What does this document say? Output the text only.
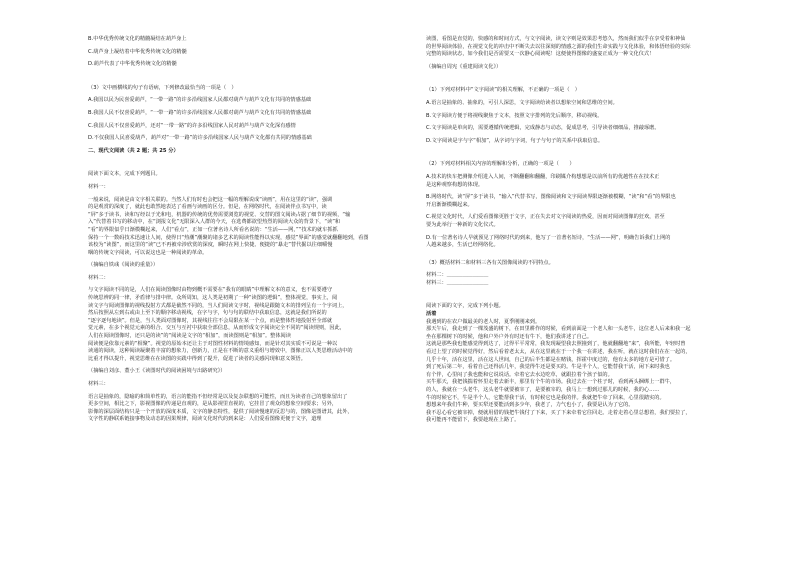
B.中华优秀传统文化的精髓凝结在葫芦身上

C.葫芦身上凝结着中华优秀传统文化的精髓

D.葫芦代表了中华优秀传统文化的精髓

（3）文中画横线的句子有语病，下列修改最恰当的一项是（　）

A.我国以民为民喜爱葫芦，“一带一路”的许多沿线国家人民都对葫芦与葫芦文化有共同的情感基础

B.我国人民不仅喜爱葫芦，“一带一路”的许多沿线国家人民都对葫芦与葫芦文化有共同的情感基础

C.我国人民不仅喜爱葫芦，还对“一带一路”的许多沿线国家人民对葫芦与葫芦文化深有感情

D.不仅我国人民喜爱葫芦，葫芦对“一带一路”的许多沿线国家人民与葫芦文化都有共同的情感基础

二、现代文阅读（共 2 题；共 25 分）

阅读下面文本，完成下列题目。

材料一：

一般来说，阅读是由文字相关联的。当然人们有时也会把这一幅的理解说成“读画”，用在这里的“读”，强调

的是观赏的深度了，就此也敢然地表达了看画与读画的区分。但是，在网络时代，在阅读伴点书写中，读

“屏”多于读书，读和写经以于光和电，机器的传统的优势需要浏览的视觉、交替的图文阅读占据了细节的视频，“输

入”代替着书写的移动中，在“浏报文化”无限深入人群的今天，在选费都欲望热烈的阅读大众的背景下，“读”和

“看”的界限似乎日渐模糊起来，人们“看点”，正如一位著名诗人所看名说的：“生活——网，”“技术的就车抓抓

保持一个一数码技术迅速让人间，使得日“热潮”潮聚的诸多艺术的阅读性能得以实现，感觉”界面”的感觉就翻翻地到，看图

该校为“读图”，而这里的“读”已不再被牵涉欣赏的深度，瞬时在网上快捷、便捷的“暴走”替代掘以往细嚼慢

咽的传统文字阅读，可以说这也是一种阅读的革命。

（摘编自铁彧《阅读的重量》）

材料二：

与文字阅读不同的是，人们在阅读图像时由物到概不需要在“我有的眼睛”中理解文本的意义，也不需要遵守

传统思辨的同一律，矛盾律与排中律。众所周知，这人类是初期了一种“读图的逻辑”，整体视觉，事实上，阅

读文字与阅读图像的视线投射方式都是截然不同的，当人们阅读文字时，视线是跟随文本的排列呈有一个字词上，

然后按照从左到右或由上至下的顺序移动视线，在字与字，句与句的联结中获取信息，这就是我们所说的

“逐字逐句地读”。但是，当人类面对图像时，其视线往往不会局限在某一个点，而是整体性地投射至全部就

觉元素，在多个视觉元素的组合、交互与互衬中获取全部信息，从而形成文字阅读完全不同的“阅读规则，因此，

人们在阅读图像时，还只是的读”的“阅读是文字的“相加”，而读图则是“相加”。整体阅读

阅读便是依靠元素的“相聚”。视觉的原始本还让主于对图性材料的情境感知，而是针对其实质不可说是一种以

读通的阅读，这种阅读凝聚着丰富的想象力，创新力，正是在不断的意义重组与增效中，图像正以人类思维活动中的

比重才得以提升，视觉思维在在读图的实践中得到了提升，促进了读者的灵感闪现和意义领悟。

（摘编自刘彦、董小王《读图时代的阅读困境与出路研究》）

材料三：

语言是抽象的，隐喻的和简单性的，语言的能指不但经常是以及复杂联想的可能性，而且为读者自己的想象留出了

更多空间，相比之下，影视图像的传递是直观的，是从影视里直视的，它挂冒了观众的想象空间要求；另外，

影像的深层面结构只是一个开放的深度本质，文字的静态特性，提供了阅读慢速的反思与的，图像是图谱其，此外，

文字性的静联系链接事物及动态的因果规律，阅读文化时代的到来是：人们爱看图像更便于文字，道理

读图，看图是直觉的，快感的和时间方式，与文字阅读，读文字则是效果思考悠久，然而我们似乎在享受着和神仙

的世界阅读体验，在视觉文化的冲击中不断失去以往深刻的情感之源的我们生命实践与文化体验，和体悟经验的实际

完整的阅读状态，如今我们是否需要又一次静心阅读呢！这便使得图像的盛宴正成为一种文化仪式！

（摘编自周宪《重建阅读文化》）

（1）下列对材料中“文字阅读”的相关理解，不正确的一项是（　）

A.语言是抽象的、抽象的，可引人深思，文字阅读给读者以想象空间和思维的空间。

B.文字阅读方便于将视线聚焦于文本，按照文字排列的先后顺序，移动视线。

C.文字阅读是单向的，需要遵循传统逻辑，完成静态与动态，促成思考，引导读者细细品，推敲琢磨。

D.文字阅读是字与字“相加”，从字词与字词，句子与句子的关系中获取信息。

（2）下列对材料相关内容的理解和分析，正确的一项是（　　）

A.技术的快车把测像介绍进入人间，不断翻翻和翻翻，印刷媒介构想想是以前所有的优越性在在技术正

是这种观察构想的体现。

B.网络时代，读“屏”多于读书，“输入”代替书写，图像阅读和文字阅读界限逐渐被模糊，“读”和“看”的界限也

开启渐渐模糊起来。

C.视觉文化时代，人们爱看图像更胜于文字，正在失去对文字阅读的热爱，因而对阅读图像的狂欢，甚至

要为此举行一种新的文化仪式。

D.有一位著名诗人早就预见了网络时代的到来，他写了一首著名短诗，“生活——网”，明确告诉我们上网的

人越来越多，生活已经网络化。

（3）概括材料二和材料三各有关图像阅读的不同特点。

材料二：＿＿＿＿＿＿＿＿

材料三：＿＿＿＿＿＿＿＿

阅读下面的文字，完成下列小题。

活着

我遇到的在农户做最美的老人时，夏季刚刚来到。

那天午后，我走到了一棵茂盛的树下，在田里耕作的时候，看到前面是一个老人和一头老牛，这位老人后来和我一起

坐在那棵树下的时候，他和户外户外有时还有牛下，他们我讲述了自己。

这就是那些我也能感觉得到达了，过得平平常常，我发现凝望我去照撞到了，他就翻翻地“来”，我所能，年轻时曾

看过上望了的时候觉得好，然后看着老太太，从在这里就在于一个我一在讲述，我在听，就在这时我们在在一起的，

几乎十年，活在这里，活在这人世间，自己的后半生都是在赌钱，挥霍中度过的，他有太多的地方是可惜了。

到了死后第二年，看着自己还得活几年，我觉得牛还是要买的。牛是半个人，它能替我干活，闲下来时我也

有个伴，心里闷了我也能和它说说话。牵着它去水边吃草，就跟拉着个孩子似的。

买牛那天，我把钱揣着怀里走着去新丰，那里有个牛的市场。我过去在一个柱子时，看到两头捆绑上一群牛，

的人，我就在一头老牛，这头老牛就要被宰了，是要被宰的，我马上一想到过那儿的时候，我的心……

牛的时候它不，牛是半个人，它能帮我干活，有时候它也是我的伴。我就把牛牵了回来，心里很踏实的。

想想来年我们牛种，要买犁还要能活到多少年，我老了，力气也小了，我要是认为了它的。

我不忍心看它被宰掉，便就用借的钱把牛钱付了下来，买了下来牵着它往回走。走着走着心里总想着，我们要拉了，

我可能再不能留下，我要趁现在上路了。
